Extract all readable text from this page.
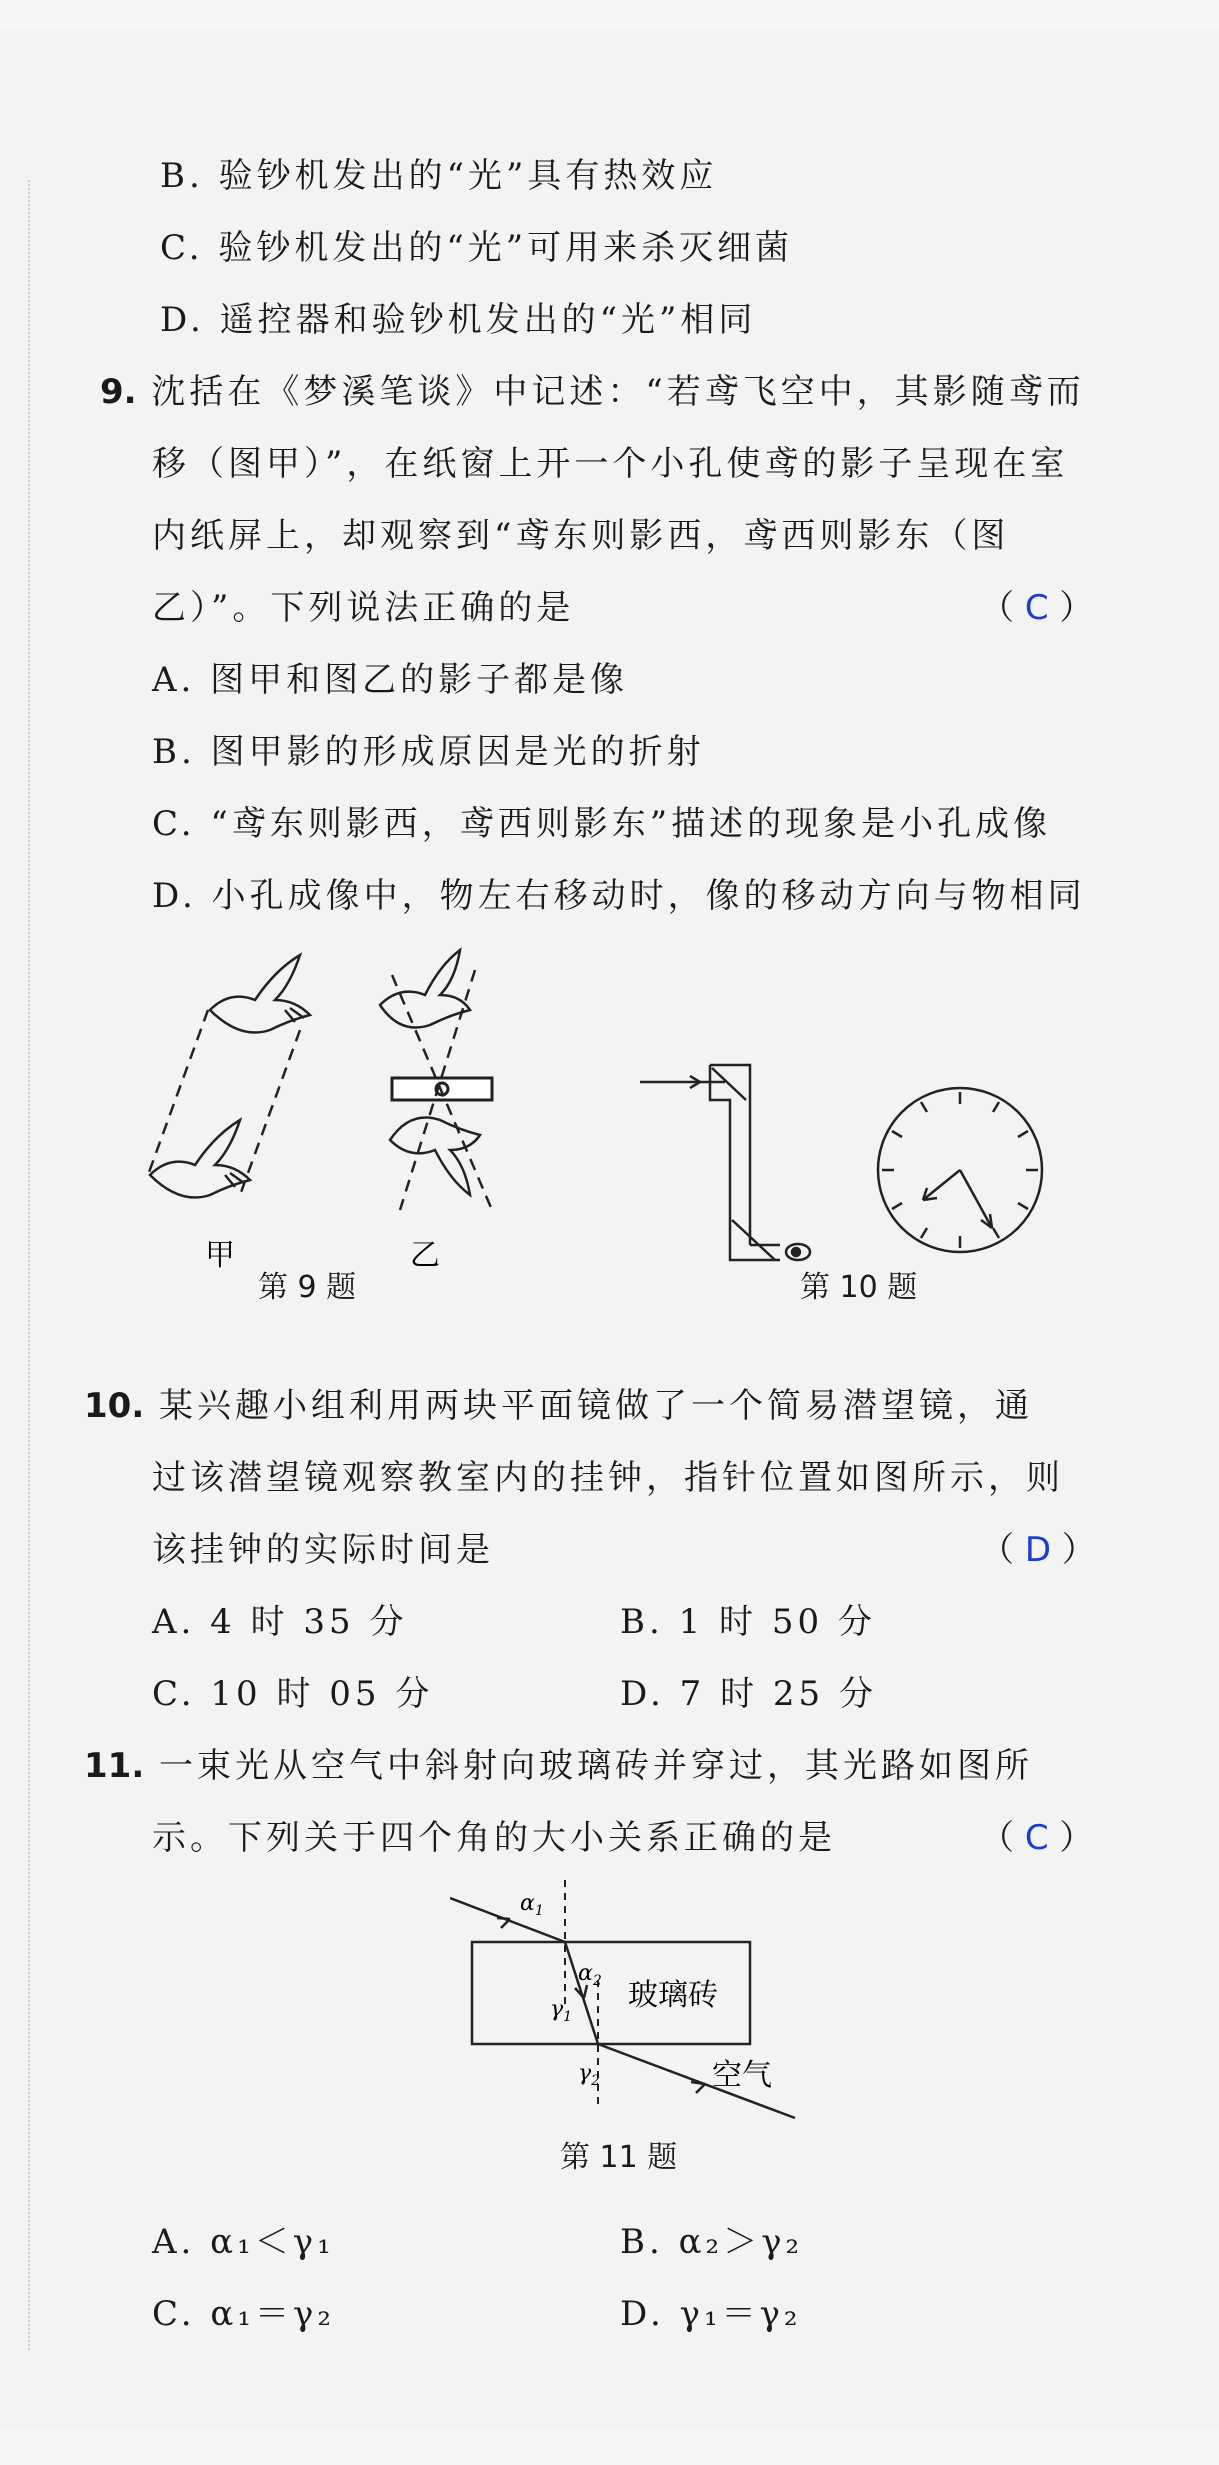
B. 验钞机发出的“光”具有热效应
C. 验钞机发出的“光”可用来杀灭细菌
D. 遥控器和验钞机发出的“光”相同
9. 沈括在《梦溪笔谈》中记述：“若鸢飞空中，其影随鸢而
移（图甲）”，在纸窗上开一个小孔使鸢的影子呈现在室
内纸屏上，却观察到“鸢东则影西，鸢西则影东（图
乙）”。下列说法正确的是	（ C ）
A. 图甲和图乙的影子都是像
B. 图甲影的形成原因是光的折射
C. “鸢东则影西，鸢西则影东”描述的现象是小孔成像
D. 小孔成像中，物左右移动时，像的移动方向与物相同
甲	乙
第 9 题	第 10 题
10. 某兴趣小组利用两块平面镜做了一个简易潜望镜，通
过该潜望镜观察教室内的挂钟，指针位置如图所示，则
该挂钟的实际时间是	（ D ）
A. 4 时 35 分	B. 1 时 50 分
C. 10 时 05 分	D. 7 时 25 分
11. 一束光从空气中斜射向玻璃砖并穿过，其光路如图所
示。下列关于四个角的大小关系正确的是	（ C ）
$\alpha_1$
$\alpha_2$
$\gamma_1$
$\gamma_2$
玻璃砖
空气
第 11 题
A. α₁＜γ₁	B. α₂＞γ₂
C. α₁＝γ₂	D. γ₁＝γ₂
